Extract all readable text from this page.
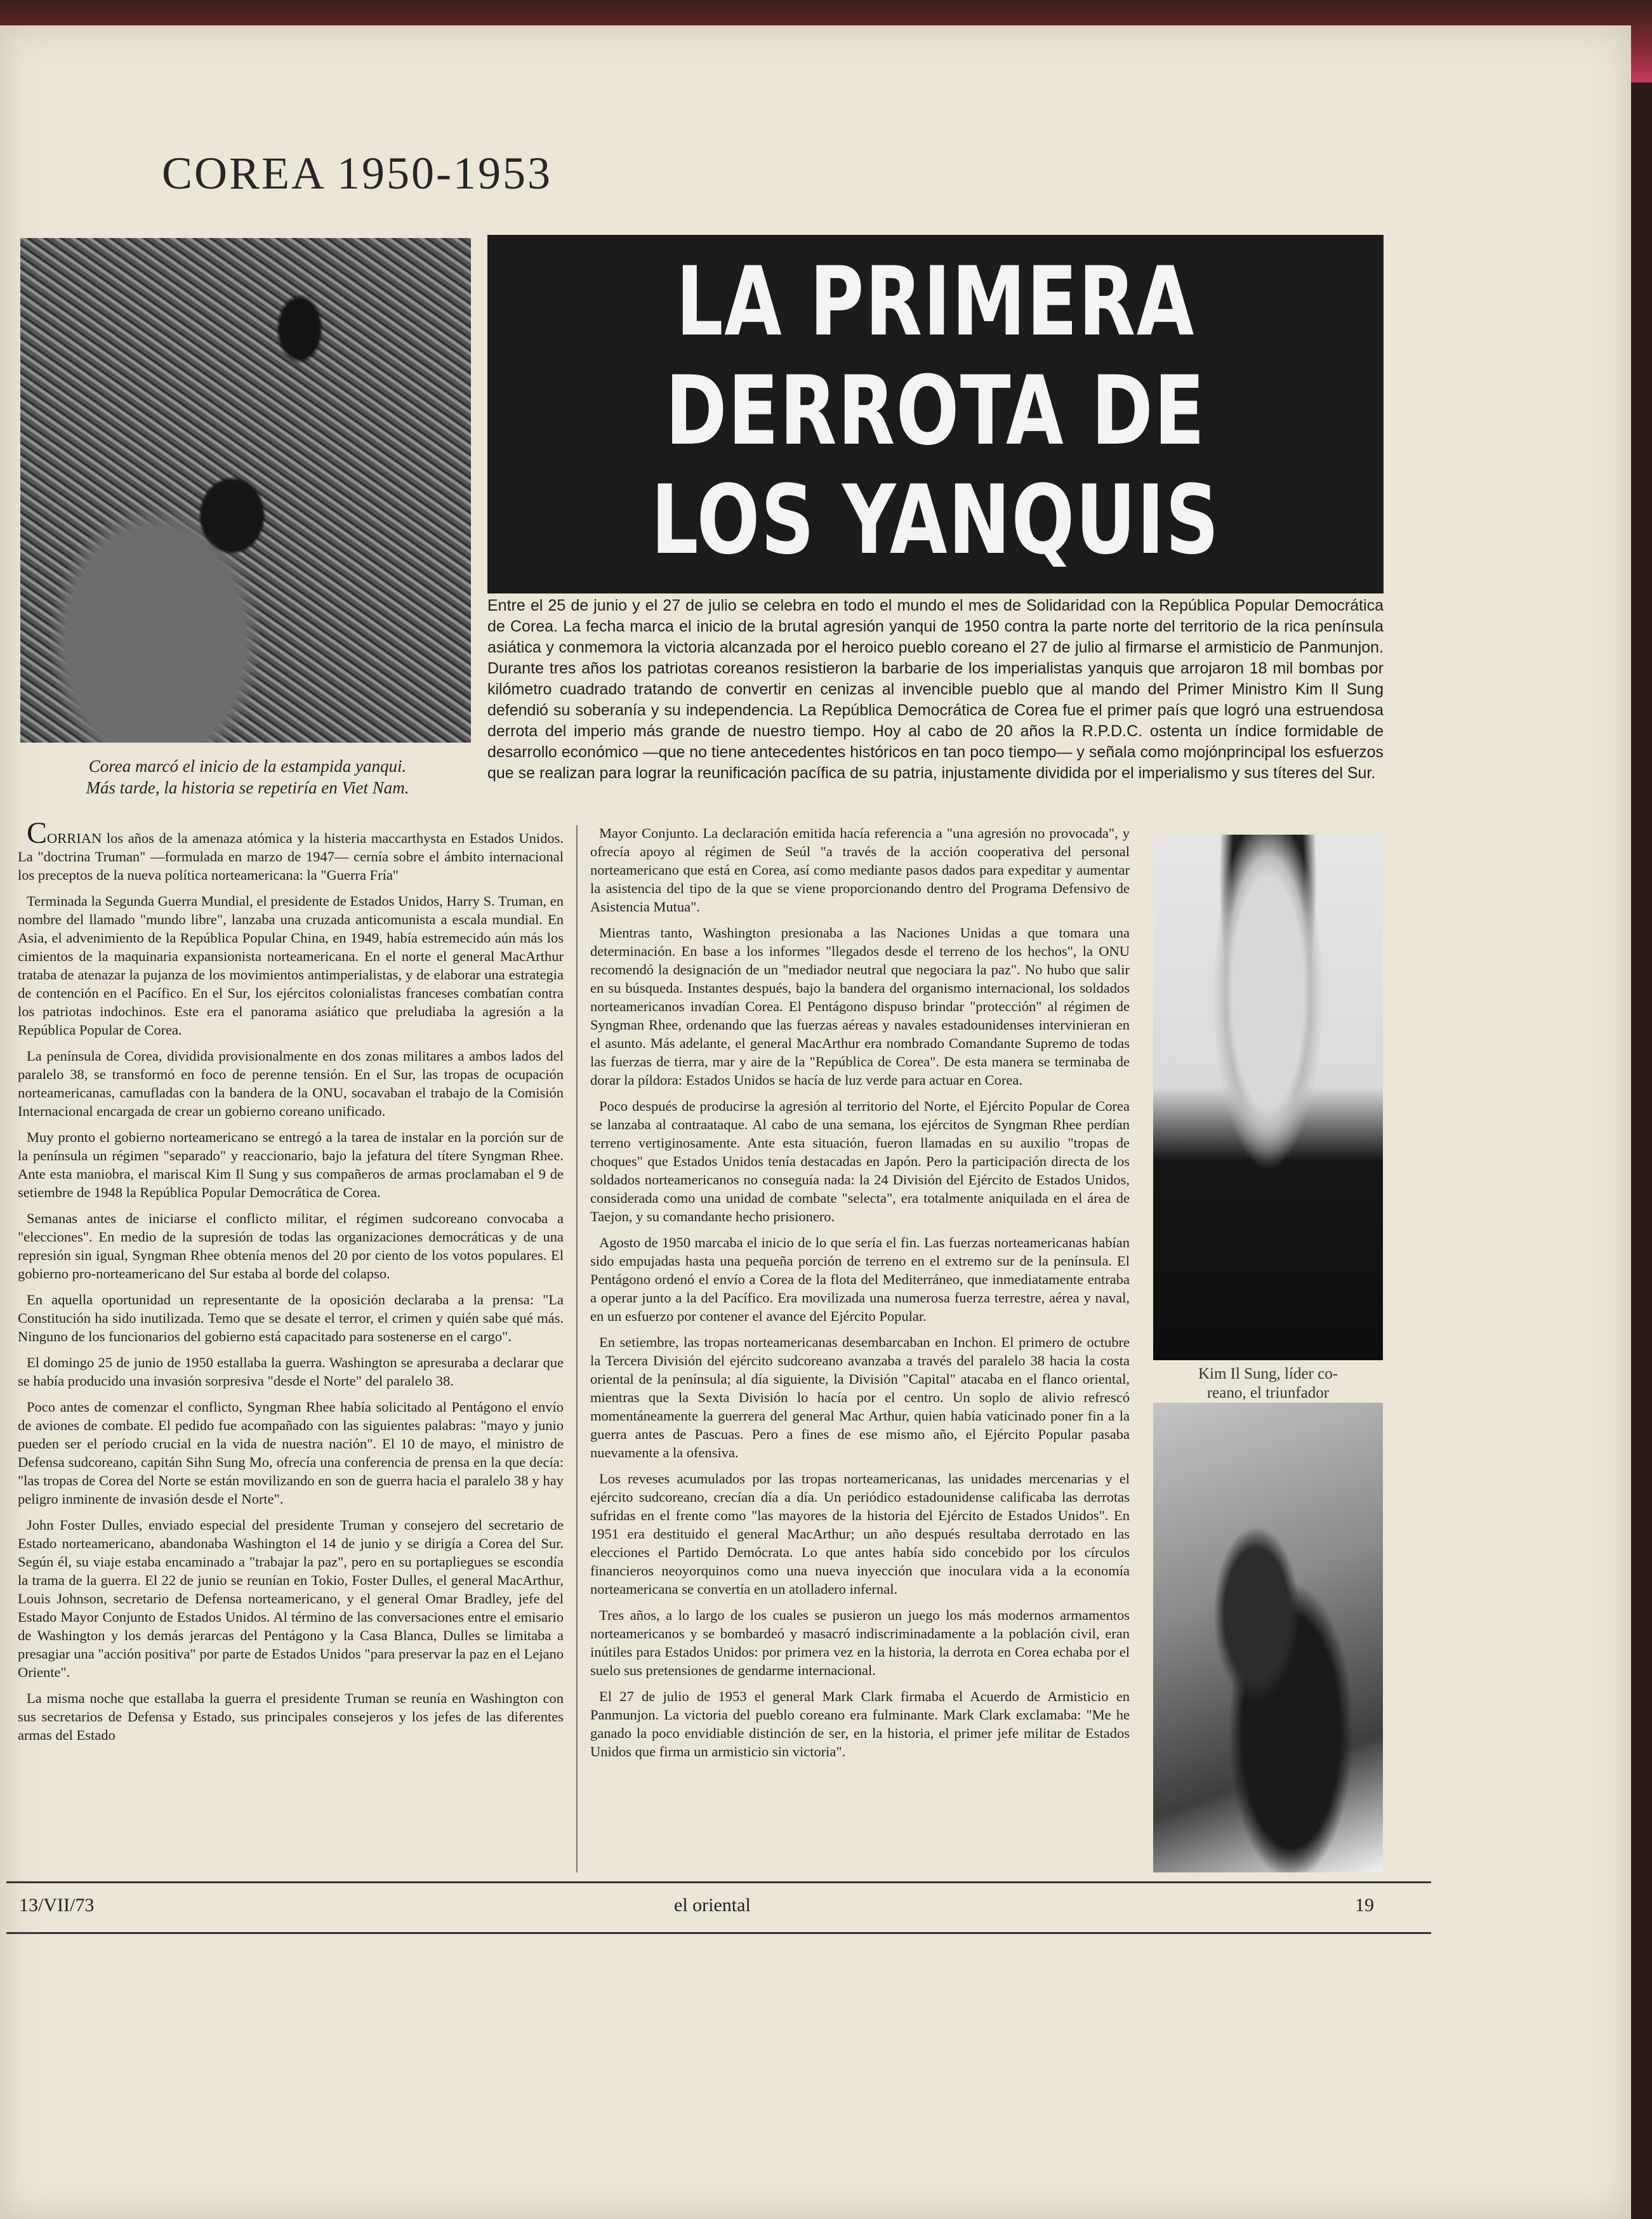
COREA 1950-1953
Corea marcó el inicio de la estampida yanqui.
Más tarde, la historia se repetiría en Viet Nam.
LA PRIMERA
DERROTA DE
LOS YANQUIS

Entre el 25 de junio y el 27 de julio se celebra en todo el mundo el mes de Solidaridad con la República Popular Democrática de Corea. La fecha marca el inicio de la brutal agresión yanqui de 1950 contra la parte norte del territorio de la rica península asiática y conmemora la victoria alcanzada por el heroico pueblo coreano el 27 de julio al firmarse el armisticio de Panmunjon. Durante tres años los patriotas coreanos resistieron la barbarie de los imperialistas yanquis que arrojaron 18 mil bombas por kilómetro cuadrado tratando de convertir en cenizas al invencible pueblo que al mando del Primer Ministro Kim Il Sung defendió su soberanía y su independencia. La República Democrática de Corea fue el primer país que logró una estruendosa derrota del imperio más grande de nuestro tiempo. Hoy al cabo de 20 años la R.P.D.C. ostenta un índice formidable de desarrollo económico —que no tiene antecedentes históricos en tan poco tiempo— y señala como mojónprincipal los esfuerzos que se realizan para lograr la reunificación pacífica de su patria, injustamente dividida por el imperialismo y sus títeres del Sur.

CORRIAN los años de la amenaza atómica y la histeria maccarthysta en Estados Unidos. La "doctrina Truman" —formulada en marzo de 1947— cernía sobre el ámbito internacional los preceptos de la nueva política norteamericana: la "Guerra Fría"

Terminada la Segunda Guerra Mundial, el presidente de Estados Unidos, Harry S. Truman, en nombre del llamado "mundo libre", lanzaba una cruzada anticomunista a escala mundial. En Asia, el advenimiento de la República Popular China, en 1949, había estremecido aún más los cimientos de la maquinaria expansionista norteamericana. En el norte el general MacArthur trataba de atenazar la pujanza de los movimientos antimperialistas, y de elaborar una estrategia de contención en el Pacífico. En el Sur, los ejércitos colonialistas franceses combatían contra los patriotas indochinos. Este era el panorama asiático que preludiaba la agresión a la República Popular de Corea.

La península de Corea, dividida provisionalmente en dos zonas militares a ambos lados del paralelo 38, se transformó en foco de perenne tensión. En el Sur, las tropas de ocupación norteamericanas, camufladas con la bandera de la ONU, socavaban el trabajo de la Comisión Internacional encargada de crear un gobierno coreano unificado.

Muy pronto el gobierno norteamericano se entregó a la tarea de instalar en la porción sur de la península un régimen "separado" y reaccionario, bajo la jefatura del títere Syngman Rhee. Ante esta maniobra, el mariscal Kim Il Sung y sus compañeros de armas proclamaban el 9 de setiembre de 1948 la República Popular Democrática de Corea.

Semanas antes de iniciarse el conflicto militar, el régimen sudcoreano convocaba a "elecciones". En medio de la supresión de todas las organizaciones democráticas y de una represión sin igual, Syngman Rhee obtenía menos del 20 por ciento de los votos populares. El gobierno pro-norteamericano del Sur estaba al borde del colapso.

En aquella oportunidad un representante de la oposición declaraba a la prensa: "La Constitución ha sido inutilizada. Temo que se desate el terror, el crimen y quién sabe qué más. Ninguno de los funcionarios del gobierno está capacitado para sostenerse en el cargo".

El domingo 25 de junio de 1950 estallaba la guerra. Washington se apresuraba a declarar que se había producido una invasión sorpresiva "desde el Norte" del paralelo 38.

Poco antes de comenzar el conflicto, Syngman Rhee había solicitado al Pentágono el envío de aviones de combate. El pedido fue acompañado con las siguientes palabras: "mayo y junio pueden ser el período crucial en la vida de nuestra nación". El 10 de mayo, el ministro de Defensa sudcoreano, capitán Sihn Sung Mo, ofrecía una conferencia de prensa en la que decía: "las tropas de Corea del Norte se están movilizando en son de guerra hacia el paralelo 38 y hay peligro inminente de invasión desde el Norte".

John Foster Dulles, enviado especial del presidente Truman y consejero del secretario de Estado norteamericano, abandonaba Washington el 14 de junio y se dirigía a Corea del Sur. Según él, su viaje estaba encaminado a "trabajar la paz", pero en su portapliegues se escondía la trama de la guerra. El 22 de junio se reunían en Tokio, Foster Dulles, el general MacArthur, Louis Johnson, secretario de Defensa norteamericano, y el general Omar Bradley, jefe del Estado Mayor Conjunto de Estados Unidos. Al término de las conversaciones entre el emisario de Washington y los demás jerarcas del Pentágono y la Casa Blanca, Dulles se limitaba a presagiar una "acción positiva" por parte de Estados Unidos "para preservar la paz en el Lejano Oriente".

La misma noche que estallaba la guerra el presidente Truman se reunía en Washington con sus secretarios de Defensa y Estado, sus principales consejeros y los jefes de las diferentes armas del Estado

Mayor Conjunto. La declaración emitida hacía referencia a "una agresión no provocada", y ofrecía apoyo al régimen de Seúl "a través de la acción cooperativa del personal norteamericano que está en Corea, así como mediante pasos dados para expeditar y aumentar la asistencia del tipo de la que se viene proporcionando dentro del Programa Defensivo de Asistencia Mutua".

Mientras tanto, Washington presionaba a las Naciones Unidas a que tomara una determinación. En base a los informes "llegados desde el terreno de los hechos", la ONU recomendó la designación de un "mediador neutral que negociara la paz". No hubo que salir en su búsqueda. Instantes después, bajo la bandera del organismo internacional, los soldados norteamericanos invadían Corea. El Pentágono dispuso brindar "protección" al régimen de Syngman Rhee, ordenando que las fuerzas aéreas y navales estadounidenses intervinieran en el asunto. Más adelante, el general MacArthur era nombrado Comandante Supremo de todas las fuerzas de tierra, mar y aire de la "República de Corea". De esta manera se terminaba de dorar la píldora: Estados Unidos se hacía de luz verde para actuar en Corea.

Poco después de producirse la agresión al territorio del Norte, el Ejército Popular de Corea se lanzaba al contraataque. Al cabo de una semana, los ejércitos de Syngman Rhee perdían terreno vertiginosamente. Ante esta situación, fueron llamadas en su auxilio "tropas de choques" que Estados Unidos tenía destacadas en Japón. Pero la participación directa de los soldados norteamericanos no conseguía nada: la 24 División del Ejército de Estados Unidos, considerada como una unidad de combate "selecta", era totalmente aniquilada en el área de Taejon, y su comandante hecho prisionero.

Agosto de 1950 marcaba el inicio de lo que sería el fin. Las fuerzas norteamericanas habían sido empujadas hasta una pequeña porción de terreno en el extremo sur de la península. El Pentágono ordenó el envío a Corea de la flota del Mediterráneo, que inmediatamente entraba a operar junto a la del Pacífico. Era movilizada una numerosa fuerza terrestre, aérea y naval, en un esfuerzo por contener el avance del Ejército Popular.

En setiembre, las tropas norteamericanas desembarcaban en Inchon. El primero de octubre la Tercera División del ejército sudcoreano avanzaba a través del paralelo 38 hacia la costa oriental de la península; al día siguiente, la División "Capital" atacaba en el flanco oriental, mientras que la Sexta División lo hacía por el centro. Un soplo de alivio refrescó momentáneamente la guerrera del general Mac Arthur, quien había vaticinado poner fin a la guerra antes de Pascuas. Pero a fines de ese mismo año, el Ejército Popular pasaba nuevamente a la ofensiva.

Los reveses acumulados por las tropas norteamericanas, las unidades mercenarias y el ejército sudcoreano, crecían día a día. Un periódico estadounidense calificaba las derrotas sufridas en el frente como "las mayores de la historia del Ejército de Estados Unidos". En 1951 era destituido el general MacArthur; un año después resultaba derrotado en las elecciones el Partido Demócrata. Lo que antes había sido concebido por los círculos financieros neoyorquinos como una nueva inyección que inoculara vida a la economía norteamericana se convertía en un atolladero infernal.

Tres años, a lo largo de los cuales se pusieron un juego los más modernos armamentos norteamericanos y se bombardeó y masacró indiscriminadamente a la población civil, eran inútiles para Estados Unidos: por primera vez en la historia, la derrota en Corea echaba por el suelo sus pretensiones de gendarme internacional.

El 27 de julio de 1953 el general Mark Clark firmaba el Acuerdo de Armisticio en Panmunjon. La victoria del pueblo coreano era fulminante. Mark Clark exclamaba: "Me he ganado la poco envidiable distinción de ser, en la historia, el primer jefe militar de Estados Unidos que firma un armisticio sin victoria".

Kim Il Sung, líder co-
reano, el triunfador
13/VII/73	el oriental	19
